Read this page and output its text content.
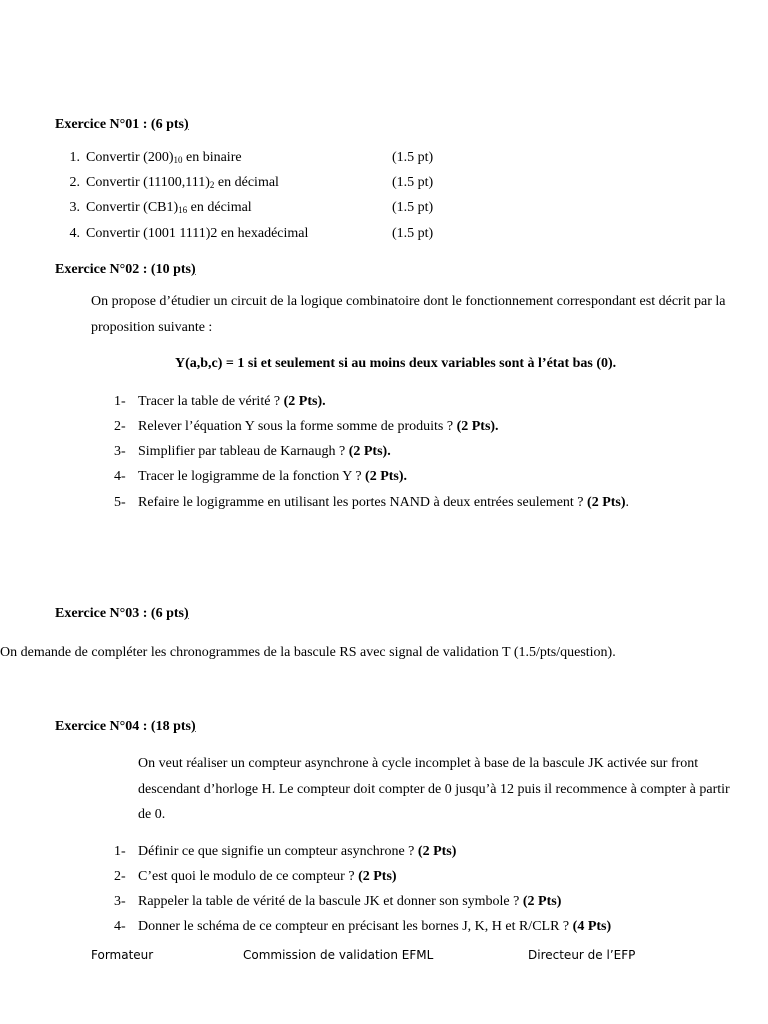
Exercice N°01 : (6 pts)
1. Convertir $(200)_{10}$ en binaire	(1.5 pt)
2. Convertir $(11100,111)_2$ en décimal	(1.5 pt)
3. Convertir $(CB1)_{16}$ en décimal	(1.5 pt)
4. Convertir (1001 1111)2 en hexadécimal	(1.5 pt)
Exercice N°02 : (10 pts)
On propose d’étudier un circuit de la logique combinatoire dont le fonctionnement correspondant est décrit par la proposition suivante :
Y(a,b,c) = 1 si et seulement si au moins deux variables sont à l’état bas (0).
1- Tracer la table de vérité ? (2 Pts).
2- Relever l’équation Y sous la forme somme de produits ? (2 Pts).
3- Simplifier par tableau de Karnaugh ? (2 Pts).
4- Tracer le logigramme de la fonction Y ? (2 Pts).
5- Refaire le logigramme en utilisant les portes NAND à deux entrées seulement ? (2 Pts).
Exercice N°03 : (6 pts)
On demande de compléter les chronogrammes de la bascule RS avec signal de validation T (1.5/pts/question).
Exercice N°04 : (18 pts)
On veut réaliser un compteur asynchrone à cycle incomplet à base de la bascule JK activée sur front descendant d’horloge H. Le compteur doit compter de 0 jusqu’à 12 puis il recommence à compter à partir de 0.
1- Définir ce que signifie un compteur asynchrone ? (2 Pts)
2- C’est quoi le modulo de ce compteur ? (2 Pts)
3- Rappeler la table de vérité de la bascule JK et donner son symbole ? (2 Pts)
4- Donner le schéma de ce compteur en précisant les bornes J, K, H et R/CLR ? (4 Pts)
Formateur	Commission de validation EFML	Directeur de l’EFP
